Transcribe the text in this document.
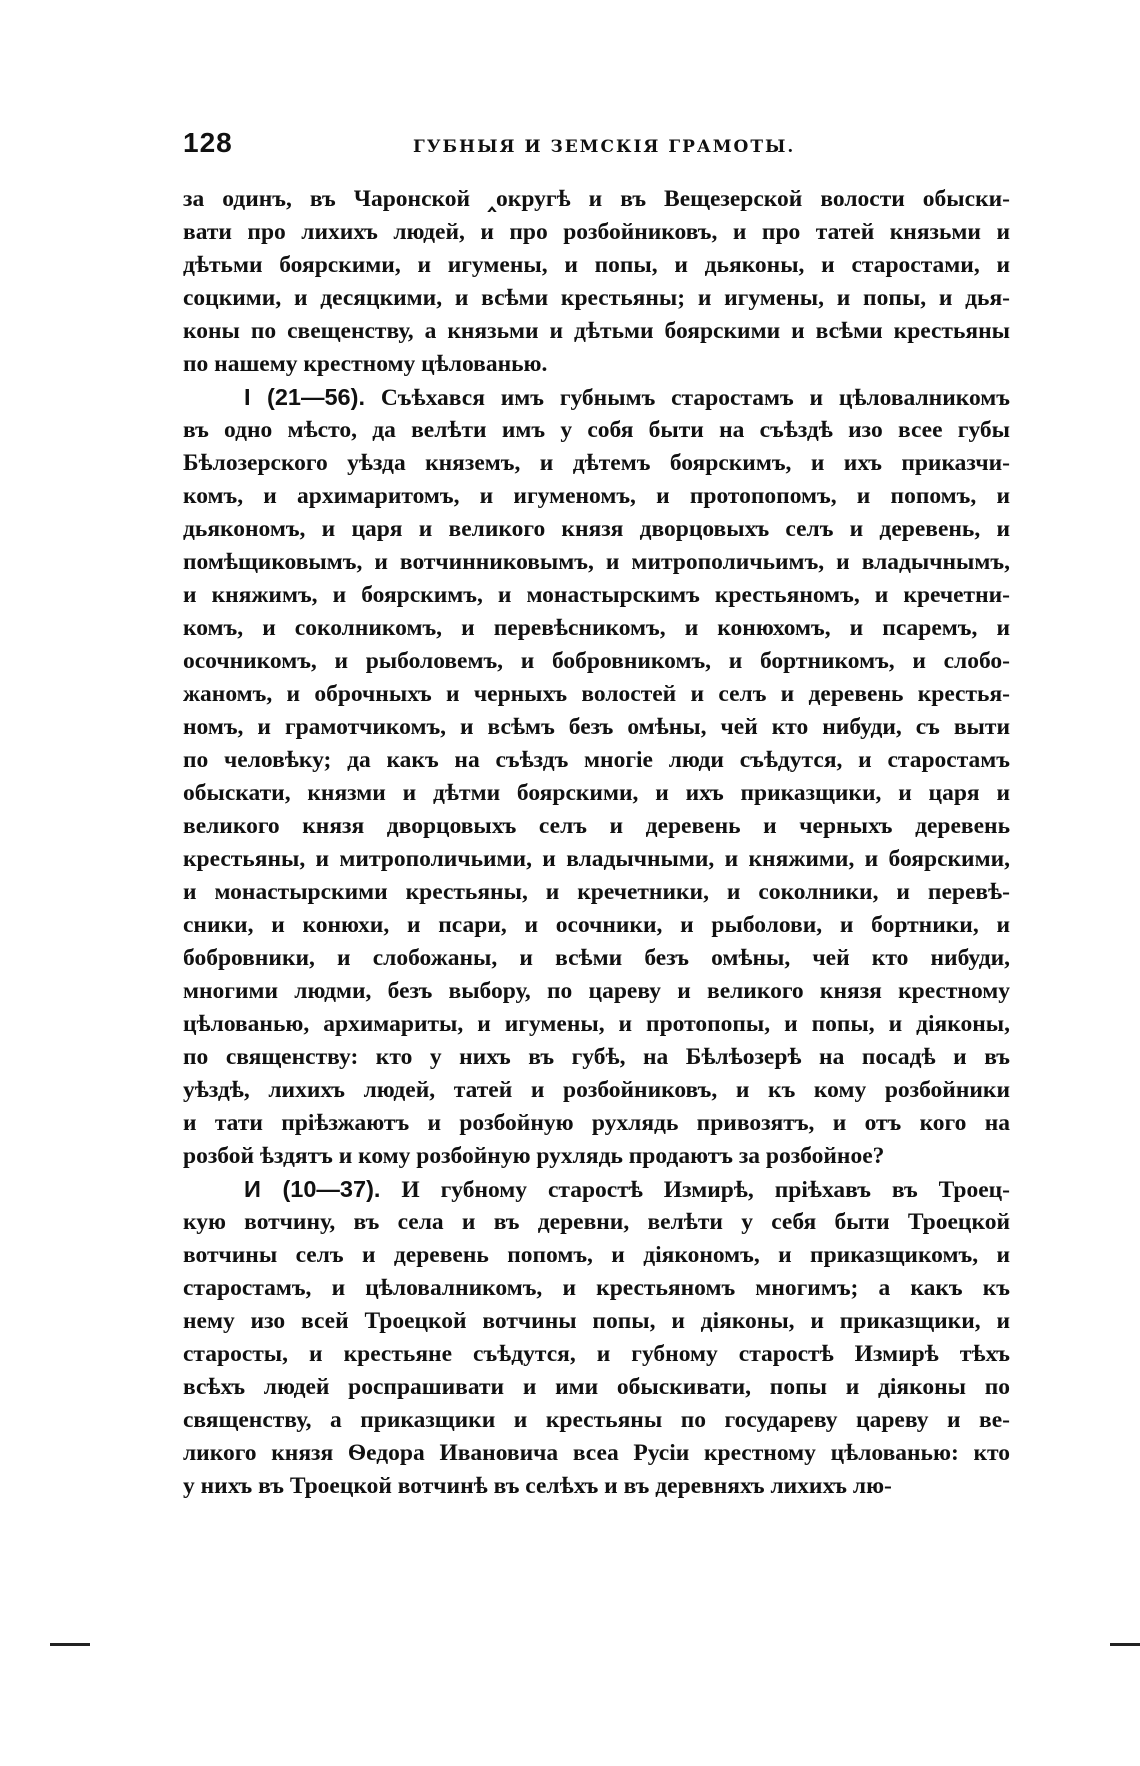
128	ГУБНЫЯ И ЗЕМСКІЯ ГРАМОТЫ.
за одинъ, въ Чаронской ‸округѣ и въ Вещезерской волости обыски-
вати про лихихъ людей, и про розбойниковъ, и про татей князьми и
дѣтьми боярскими, и игумены, и попы, и дьяконы, и старостами, и
соцкими, и десяцкими, и всѣми крестьяны; и игумены, и попы, и дья-
коны по свещенству, а князьми и дѣтьми боярскими и всѣми крестьяны
по нашему крестному цѣлованью.
I (21—56). Съѣхався имъ губнымъ старостамъ и цѣловалникомъ
въ одно мѣсто, да велѣти имъ у собя быти на съѣздѣ изо всее губы
Бѣлозерского уѣзда княземъ, и дѣтемъ боярскимъ, и ихъ приказчи-
комъ, и архимаритомъ, и игуменомъ, и протопопомъ, и попомъ, и
дьякономъ, и царя и великого князя дворцовыхъ селъ и деревень, и
помѣщиковымъ, и вотчинниковымъ, и митрополичьимъ, и владычнымъ,
и княжимъ, и боярскимъ, и монастырскимъ крестьяномъ, и кречетни-
комъ, и соколникомъ, и перевѣсникомъ, и конюхомъ, и псаремъ, и
осочникомъ, и рыболовемъ, и бобровникомъ, и бортникомъ, и слобо-
жаномъ, и оброчныхъ и черныхъ волостей и селъ и деревень крестья-
номъ, и грамотчикомъ, и всѣмъ безъ омѣны, чей кто нибуди, съ выти
по человѣку; да какъ на съѣздъ многіе люди съѣдутся, и старостамъ
обыскати, князми и дѣтми боярскими, и ихъ приказщики, и царя и
великого князя дворцовыхъ селъ и деревень и черныхъ деревень
крестьяны, и митрополичьими, и владычными, и княжими, и боярскими,
и монастырскими крестьяны, и кречетники, и соколники, и перевѣ-
сники, и конюхи, и псари, и осочники, и рыболови, и бортники, и
бобровники, и слобожаны, и всѣми безъ омѣны, чей кто нибуди,
многими людми, безъ выбору, по цареву и великого князя крестному
цѣлованью, архимариты, и игумены, и протопопы, и попы, и діяконы,
по священству: кто у нихъ въ губѣ, на Бѣлѣозерѣ на посадѣ и въ
уѣздѣ, лихихъ людей, татей и розбойниковъ, и къ кому розбойники
и тати пріѣзжаютъ и розбойную рухлядь привозятъ, и отъ кого на
розбой ѣздятъ и кому розбойную рухлядь продаютъ за розбойное?
И (10—37). И губному старостѣ Измирѣ, пріѣхавъ въ Троец-
кую вотчину, въ села и въ деревни, велѣти у себя быти Троецкой
вотчины селъ и деревень попомъ, и діякономъ, и приказщикомъ, и
старостамъ, и цѣловалникомъ, и крестьяномъ многимъ; а какъ къ
нему изо всей Троецкой вотчины попы, и діяконы, и приказщики, и
старосты, и крестьяне съѣдутся, и губному старостѣ Измирѣ тѣхъ
всѣхъ людей роспрашивати и ими обыскивати, попы и діяконы по
священству, а приказщики и крестьяны по государеву цареву и ве-
ликого князя Ѳедора Ивановича всеа Русіи крестному цѣлованью: кто
у нихъ въ Троецкой вотчинѣ въ селѣхъ и въ деревняхъ лихихъ лю-
